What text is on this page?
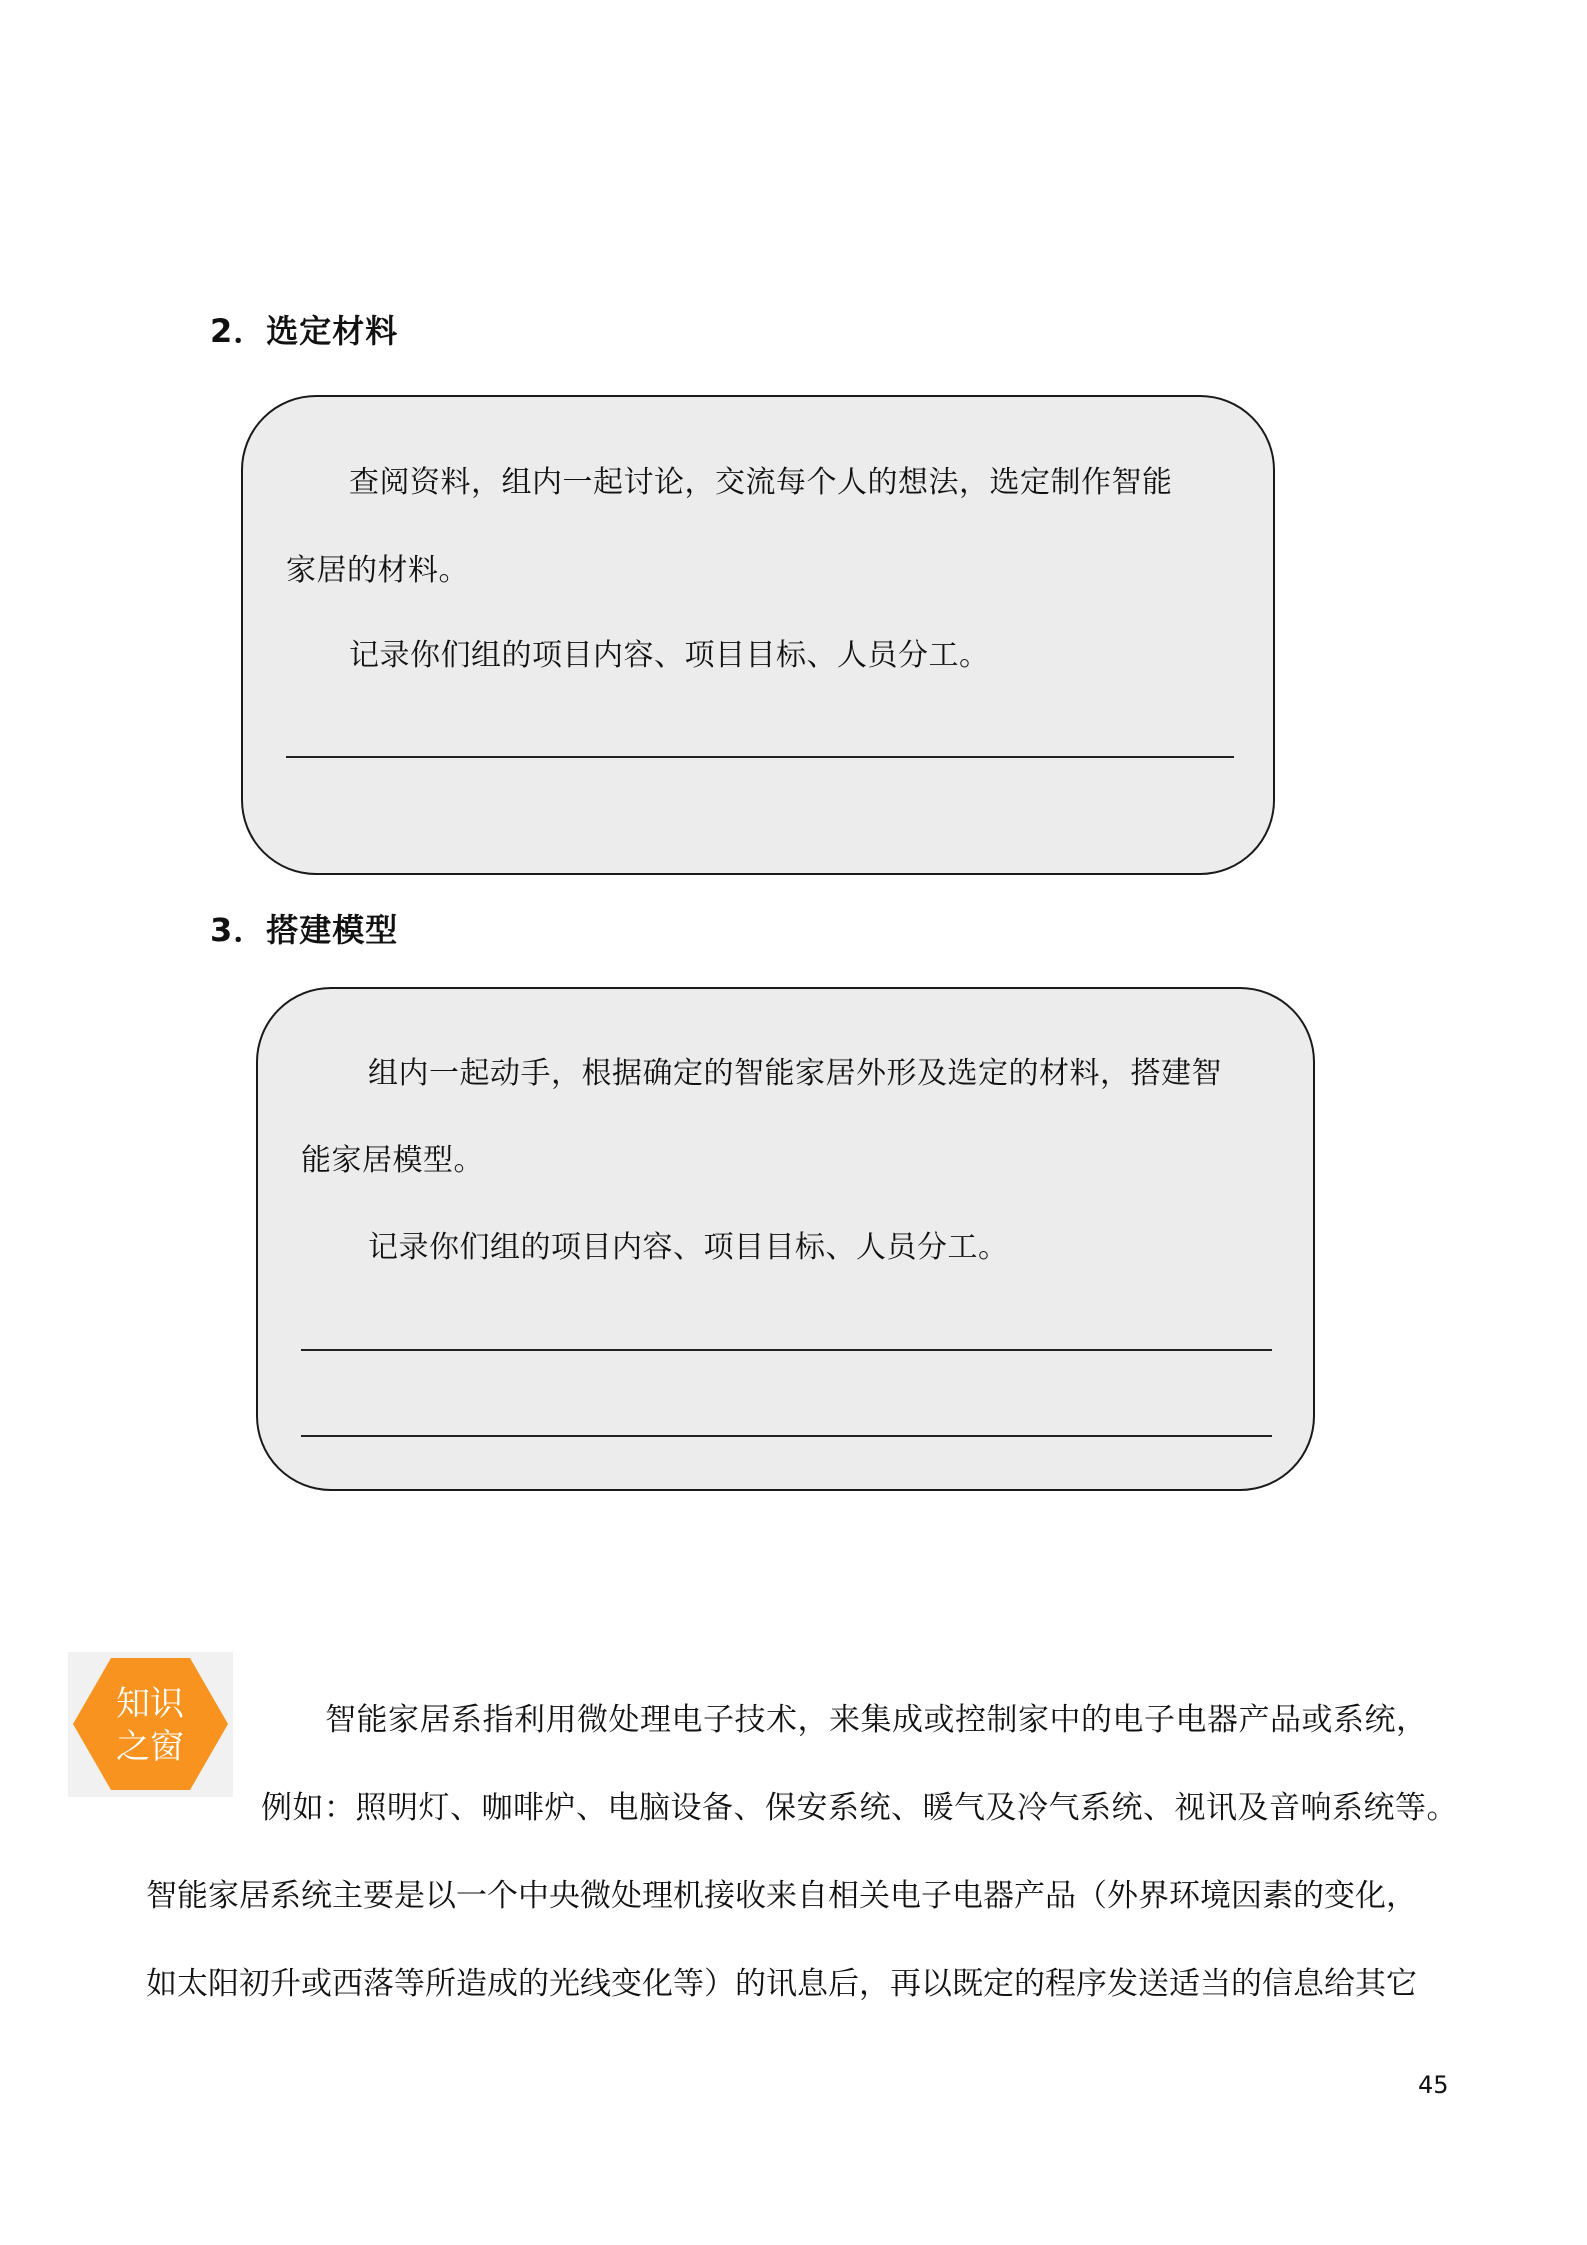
2．选定材料

查阅资料，组内一起讨论，交流每个人的想法，选定制作智能

家居的材料。

记录你们组的项目内容、项目目标、人员分工。

3．搭建模型

组内一起动手，根据确定的智能家居外形及选定的材料，搭建智

能家居模型。

记录你们组的项目内容、项目目标、人员分工。

知识
之窗

智能家居系指利用微处理电子技术，来集成或控制家中的电子电器产品或系统，

例如：照明灯、咖啡炉、电脑设备、保安系统、暖气及冷气系统、视讯及音响系统等。

智能家居系统主要是以一个中央微处理机接收来自相关电子电器产品（外界环境因素的变化，

如太阳初升或西落等所造成的光线变化等）的讯息后，再以既定的程序发送适当的信息给其它

45
